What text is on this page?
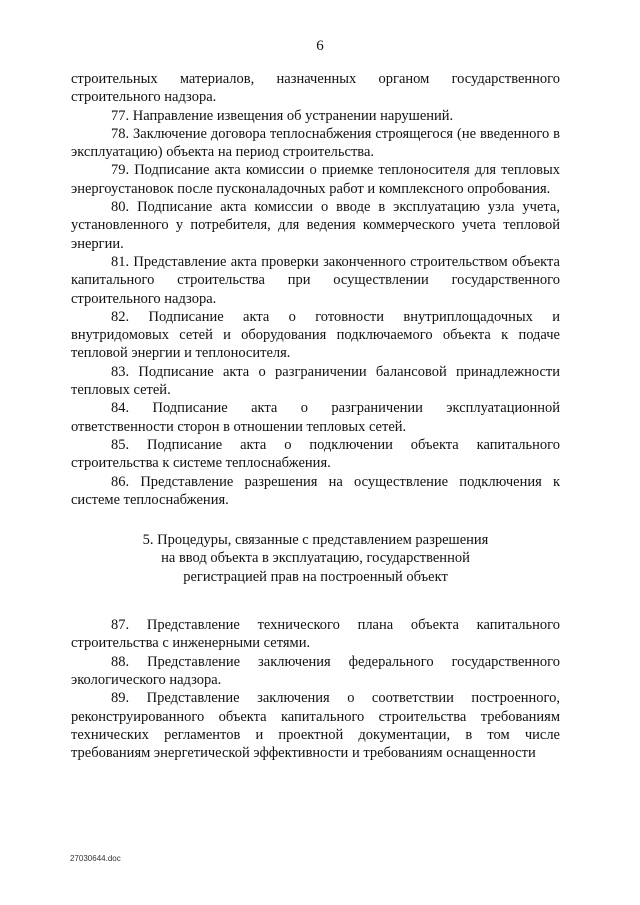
6

строительных материалов, назначенных органом государственного строительного надзора.

77. Направление извещения об устранении нарушений.

78. Заключение договора теплоснабжения строящегося (не введенного в эксплуатацию) объекта на период строительства.

79. Подписание акта комиссии о приемке теплоносителя для тепловых энергоустановок после пусконаладочных работ и комплексного опробования.

80. Подписание акта комиссии о вводе в эксплуатацию узла учета, установленного у потребителя, для ведения коммерческого учета тепловой энергии.

81. Представление акта проверки законченного строительством объекта капитального строительства при осуществлении государственного строительного надзора.

82. Подписание акта о готовности внутриплощадочных и внутридомовых сетей и оборудования подключаемого объекта к подаче тепловой энергии и теплоносителя.

83. Подписание акта о разграничении балансовой принадлежности тепловых сетей.

84. Подписание акта о разграничении эксплуатационной ответственности сторон в отношении тепловых сетей.

85. Подписание акта о подключении объекта капитального строительства к системе теплоснабжения.

86. Представление разрешения на осуществление подключения к системе теплоснабжения.

5. Процедуры, связанные с представлением разрешения
на ввод объекта в эксплуатацию, государственной
регистрацией прав на построенный объект

87. Представление технического плана объекта капитального строительства с инженерными сетями.

88. Представление заключения федерального государственного экологического надзора.

89. Представление заключения о соответствии построенного, реконструированного объекта капитального строительства требованиям технических регламентов и проектной документации, в том числе требованиям энергетической эффективности и требованиям оснащенности

27030644.doc
